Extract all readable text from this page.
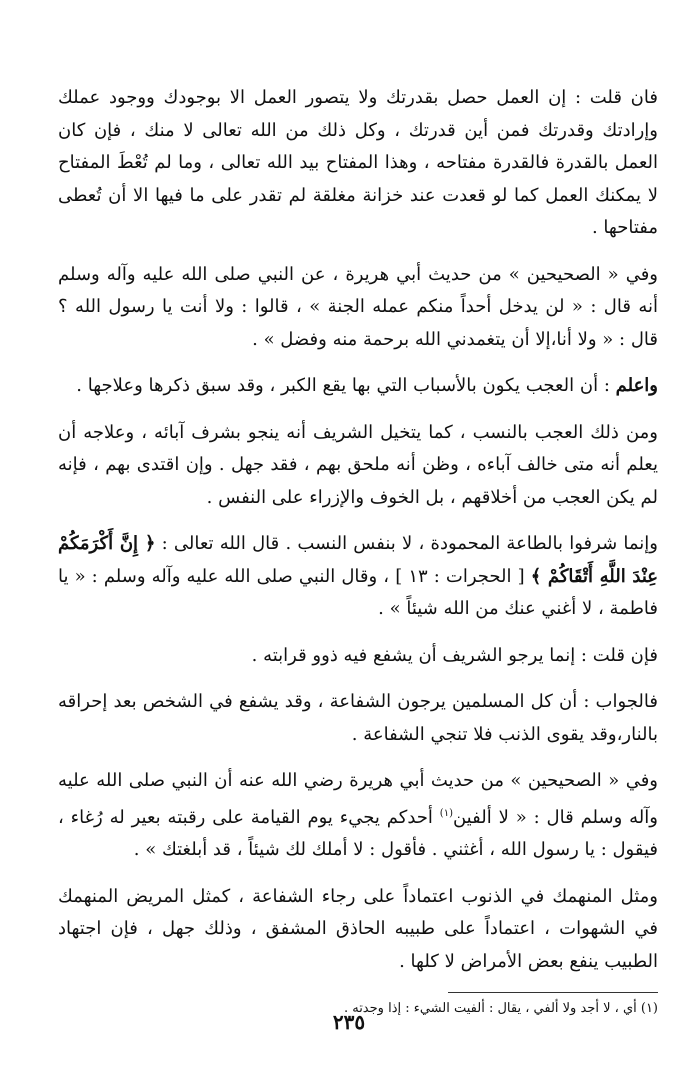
فان قلت : إن العمل حصل بقدرتك ولا يتصور العمل الا بوجودك ووجود عملك وإرادتك وقدرتك فمن أين قدرتك ، وكل ذلك من الله تعالى لا منك ، فإن كان العمل بالقدرة فالقدرة مفتاحه ، وهذا المفتاح بيد الله تعالى ، وما لم تُعْطَ المفتاح لا يمكنك العمل كما لو قعدت عند خزانة مغلقة لم تقدر على ما فيها الا أن تُعطى مفتاحها .

وفي « الصحيحين » من حديث أبي هريرة ، عن النبي صلى الله عليه وآله وسلم أنه قال : « لن يدخل أحداً منكم عمله الجنة » ، قالوا : ولا أنت يا رسول الله ؟ قال : « ولا أنا،إلا أن يتغمدني الله برحمة منه وفضل » .

واعلم : أن العجب يكون بالأسباب التي بها يقع الكبر ، وقد سبق ذكرها وعلاجها .

ومن ذلك العجب بالنسب ، كما يتخيل الشريف أنه ينجو بشرف آبائه ، وعلاجه أن يعلم أنه متى خالف آباءه ، وظن أنه ملحق بهم ، فقد جهل . وإن اقتدى بهم ، فإنه لم يكن العجب من أخلاقهم ، بل الخوف والإزراء على النفس .

وإنما شرفوا بالطاعة المحمودة ، لا بنفس النسب . قال الله تعالى : ﴿ إِنَّ أَكْرَمَكُمْ عِنْدَ اللَّهِ أَتْقَاكُمْ ﴾ [ الحجرات : ١٣ ] ، وقال النبي صلى الله عليه وآله وسلم : « يا فاطمة ، لا أغني عنك من الله شيئاً » .

فإن قلت : إنما يرجو الشريف أن يشفع فيه ذوو قرابته .

فالجواب : أن كل المسلمين يرجون الشفاعة ، وقد يشفع في الشخص بعد إحراقه بالنار،وقد يقوى الذنب فلا تنجي الشفاعة .

وفي « الصحيحين » من حديث أبي هريرة رضي الله عنه أن النبي صلى الله عليه وآله وسلم قال : « لا ألفين$^{(١)}$ أحدكم يجيء يوم القيامة على رقبته بعير له رُغاء ، فيقول : يا رسول الله ، أغثني . فأقول : لا أملك لك شيئاً ، قد أبلغتك » .

ومثل المنهمك في الذنوب اعتماداً على رجاء الشفاعة ، كمثل المريض المنهمك في الشهوات ، اعتماداً على طبيبه الحاذق المشفق ، وذلك جهل ، فإن اجتهاد الطبيب ينفع بعض الأمراض لا كلها .

(١) أي ، لا أجد ولا ألفي ، يقال : ألفيت الشيء : إذا وجدته .

٢٣٥
